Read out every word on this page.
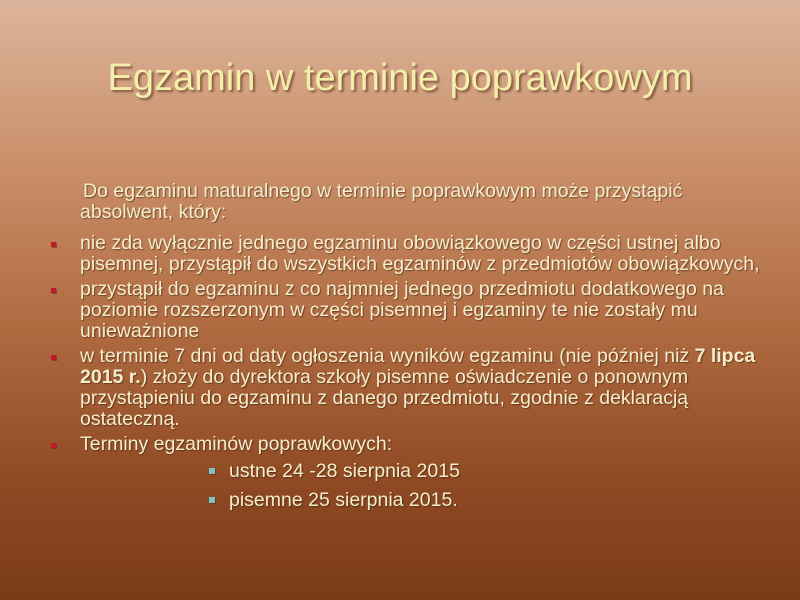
Egzamin w terminie poprawkowym

Do egzaminu maturalnego w terminie poprawkowym może przystąpić
absolwent, który:

nie zda wyłącznie jednego egzaminu obowiązkowego w części ustnej albo pisemnej, przystąpił do wszystkich egzaminów z przedmiotów obowiązkowych,
przystąpił do egzaminu z co najmniej jednego przedmiotu dodatkowego na poziomie rozszerzonym w części pisemnej i egzaminy te nie zostały mu unieważnione
w terminie 7 dni od daty ogłoszenia wyników egzaminu (nie później niż 7 lipca 2015 r.) złoży do dyrektora szkoły pisemne oświadczenie o ponownym przystąpieniu do egzaminu z danego przedmiotu, zgodnie z deklaracją ostateczną.
Terminy egzaminów poprawkowych:
ustne 24 -28 sierpnia 2015
pisemne 25 sierpnia 2015.
